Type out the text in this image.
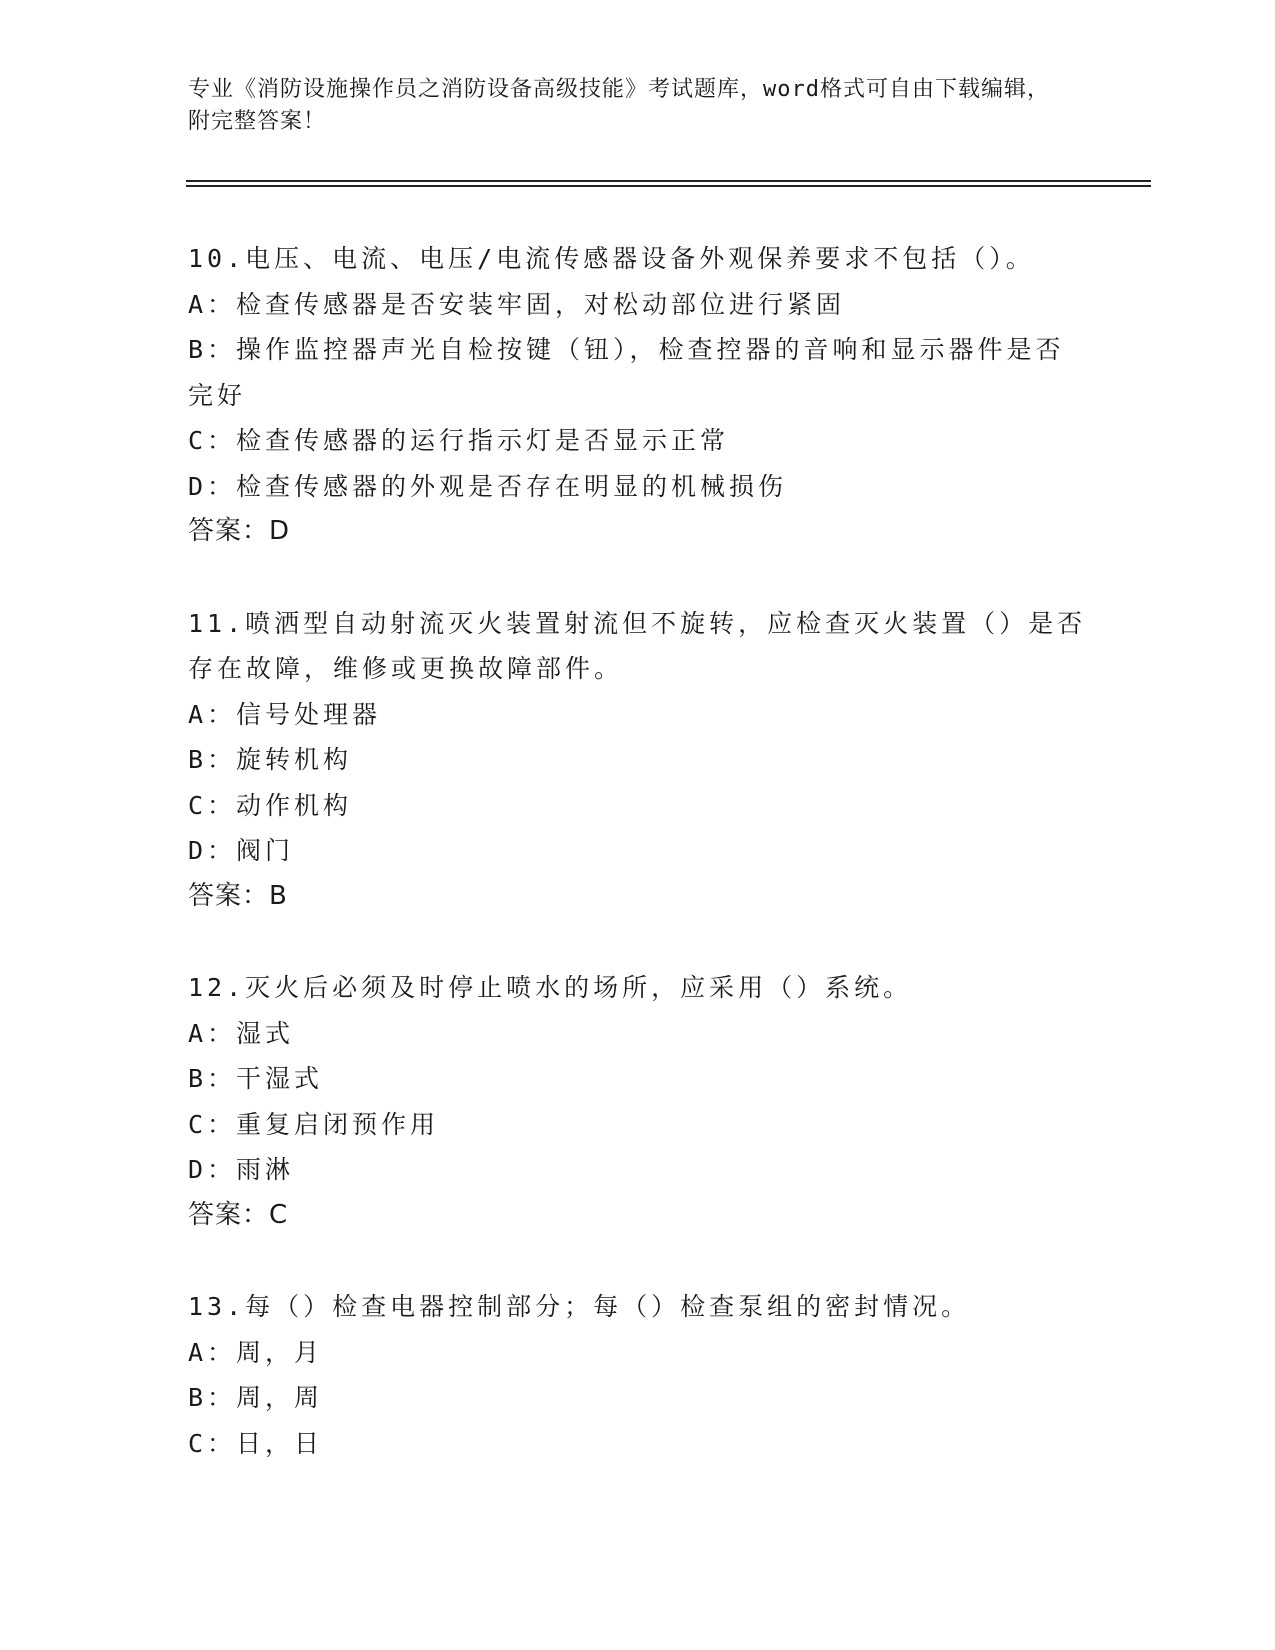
专业《消防设施操作员之消防设备高级技能》考试题库，word格式可自由下载编辑，附完整答案！
10.电压、电流、电压/电流传感器设备外观保养要求不包括（）。
A：检查传感器是否安装牢固，对松动部位进行紧固
B：操作监控器声光自检按键（钮），检查控器的音响和显示器件是否完好
C：检查传感器的运行指示灯是否显示正常
D：检查传感器的外观是否存在明显的机械损伤
答案：D
11.喷洒型自动射流灭火装置射流但不旋转，应检查灭火装置（）是否存在故障，维修或更换故障部件。
A：信号处理器
B：旋转机构
C：动作机构
D：阀门
答案：B
12.灭火后必须及时停止喷水的场所，应采用（）系统。
A：湿式
B：干湿式
C：重复启闭预作用
D：雨淋
答案：C
13.每（）检查电器控制部分；每（）检查泵组的密封情况。
A：周，月
B：周，周
C：日，日
